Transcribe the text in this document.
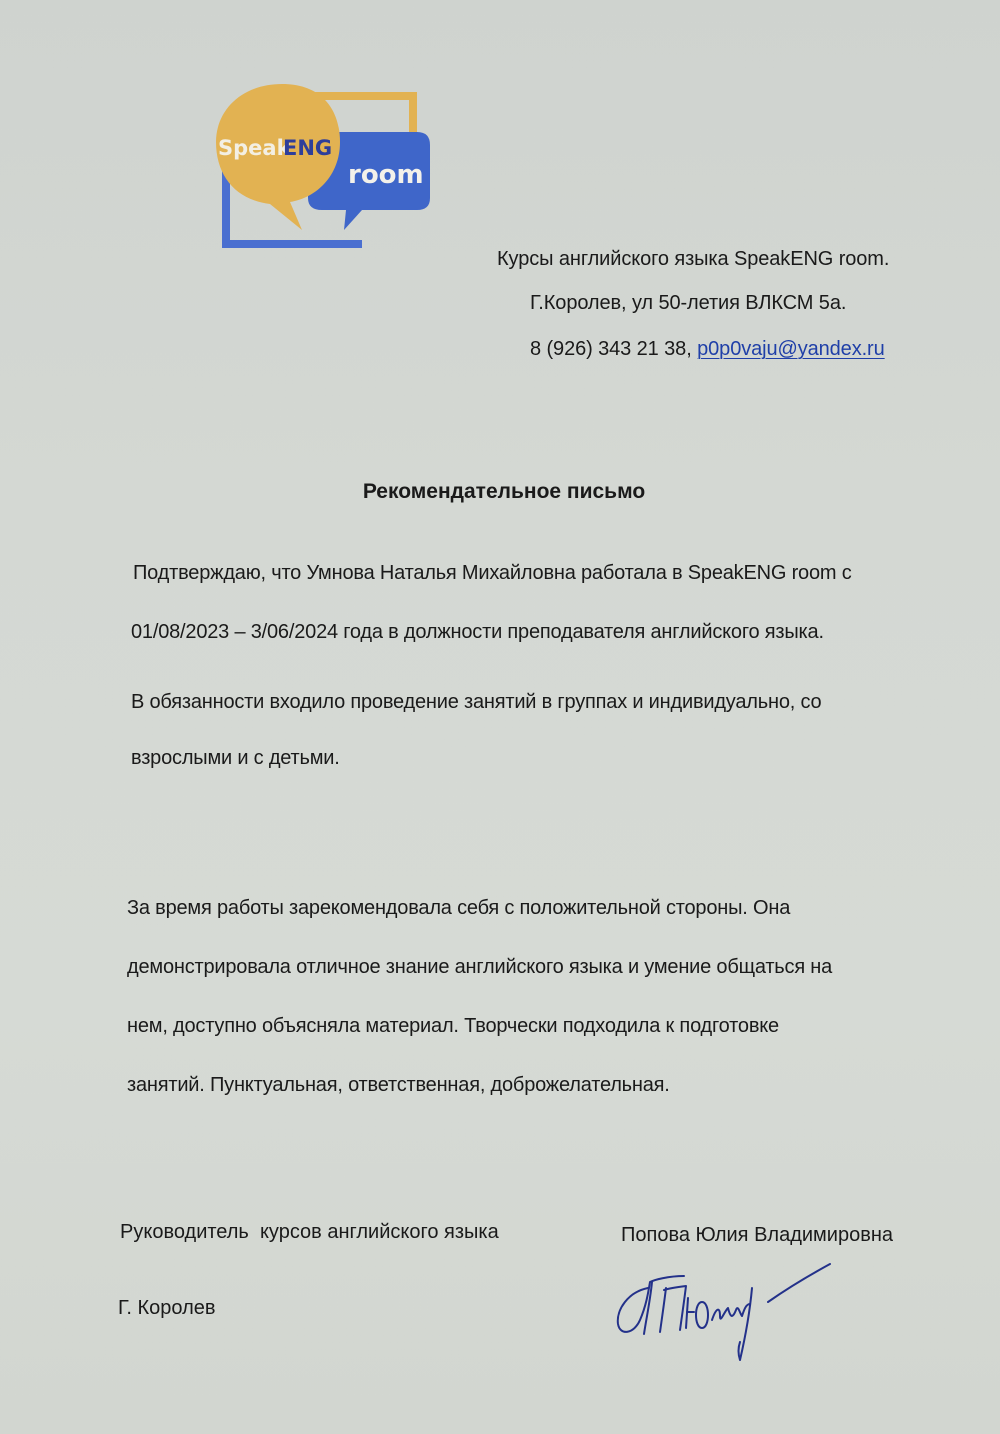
Speak
ENG
room
Курсы английского языка SpeakENG room.
Г.Королев, ул 50-летия ВЛКСМ 5а.
8 (926) 343 21 38, p0p0vaju@yandex.ru
Рекомендательное письмо
Подтверждаю, что Умнова Наталья Михайловна работала в SpeakENG room с
01/08/2023 – 3/06/2024 года в должности преподавателя английского языка.
В обязанности входило проведение занятий в группах и индивидуально, со
взрослыми и с детьми.
За время работы зарекомендовала себя с положительной стороны. Она
демонстрировала отличное знание английского языка и умение общаться на
нем, доступно объясняла материал. Творчески подходила к подготовке
занятий. Пунктуальная, ответственная, доброжелательная.
Руководитель  курсов английского языка
Г. Королев
Попова Юлия Владимировна
